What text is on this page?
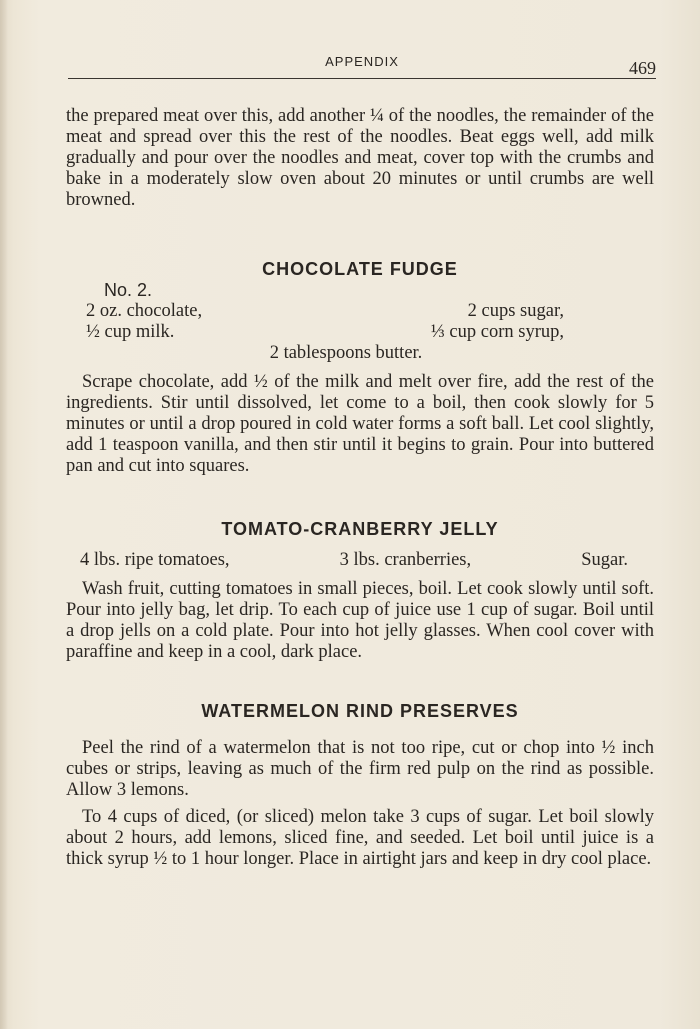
APPENDIX	469

the prepared meat over this, add another ¼ of the noodles, the remainder of the meat and spread over this the rest of the noodles. Beat eggs well, add milk gradually and pour over the noodles and meat, cover top with the crumbs and bake in a moderately slow oven about 20 minutes or until crumbs are well browned.

CHOCOLATE FUDGE

No. 2.

2 oz. chocolate,	2 cups sugar,
½ cup milk.	⅓ cup corn syrup,

2 tablespoons butter.

Scrape chocolate, add ½ of the milk and melt over fire, add the rest of the ingredients. Stir until dissolved, let come to a boil, then cook slowly for 5 minutes or until a drop poured in cold water forms a soft ball. Let cool slightly, add 1 teaspoon vanilla, and then stir until it begins to grain. Pour into buttered pan and cut into squares.

TOMATO-CRANBERRY JELLY

4 lbs. ripe tomatoes,	3 lbs. cranberries,	Sugar.

Wash fruit, cutting tomatoes in small pieces, boil. Let cook slowly until soft. Pour into jelly bag, let drip. To each cup of juice use 1 cup of sugar. Boil until a drop jells on a cold plate. Pour into hot jelly glasses. When cool cover with paraffine and keep in a cool, dark place.

WATERMELON RIND PRESERVES

Peel the rind of a watermelon that is not too ripe, cut or chop into ½ inch cubes or strips, leaving as much of the firm red pulp on the rind as possible. Allow 3 lemons.

To 4 cups of diced, (or sliced) melon take 3 cups of sugar. Let boil slowly about 2 hours, add lemons, sliced fine, and seeded. Let boil until juice is a thick syrup ½ to 1 hour longer. Place in airtight jars and keep in dry cool place.
